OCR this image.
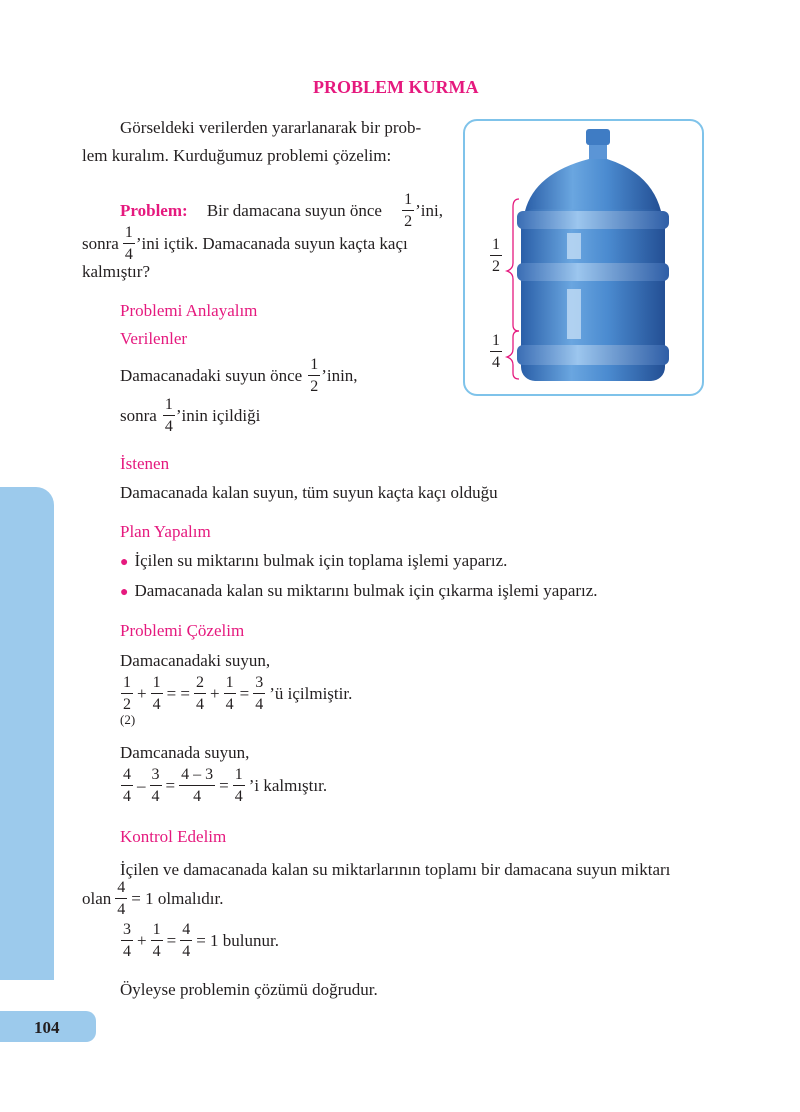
104
PROBLEM KURMA
Görseldeki verilerden yararlanarak bir prob-
lem kuralım. Kurduğumuz problemi çözelim:
Problem: Bir damacana suyun önce $\frac{1}{2}$ ’ini,
sonra $\frac{1}{4}$ ’ini içtik. Damacanada suyun kaçta kaçı
kalmıştır?	$\frac{1}{2}$
$\frac{1}{4}$
Problemi Anlayalım
Verilenler
Damacanadaki suyun önce $\frac{1}{2}$ ’inin,
sonra $\frac{1}{4}$ ’inin içildiği
İstenen
Damacanada kalan suyun, tüm suyun kaçta kaçı olduğu
Plan Yapalım
● İçilen su miktarını bulmak için toplama işlemi yaparız.
● Damacanada kalan su miktarını bulmak için çıkarma işlemi yaparız.
Problemi Çözelim
Damacanadaki suyun,
$\frac{1}{2} + \frac{1}{4}$ = = $\frac{2}{4} + \frac{1}{4} = \frac{3}{4}$ ’ü içilmiştir.
(2)
Damcanada suyun,
$\frac{4}{4} - \frac{3}{4} = \frac{4 - 3}{4} = \frac{1}{4}$ ’i kalmıştır.
Kontrol Edelim
İçilen ve damacanada kalan su miktarlarının toplamı bir damacana suyun miktarı
olan $\frac{4}{4} = 1$ olmalıdır.
$\frac{3}{4} + \frac{1}{4} = \frac{4}{4} = 1$ bulunur.
Öyleyse problemin çözümü doğrudur.
